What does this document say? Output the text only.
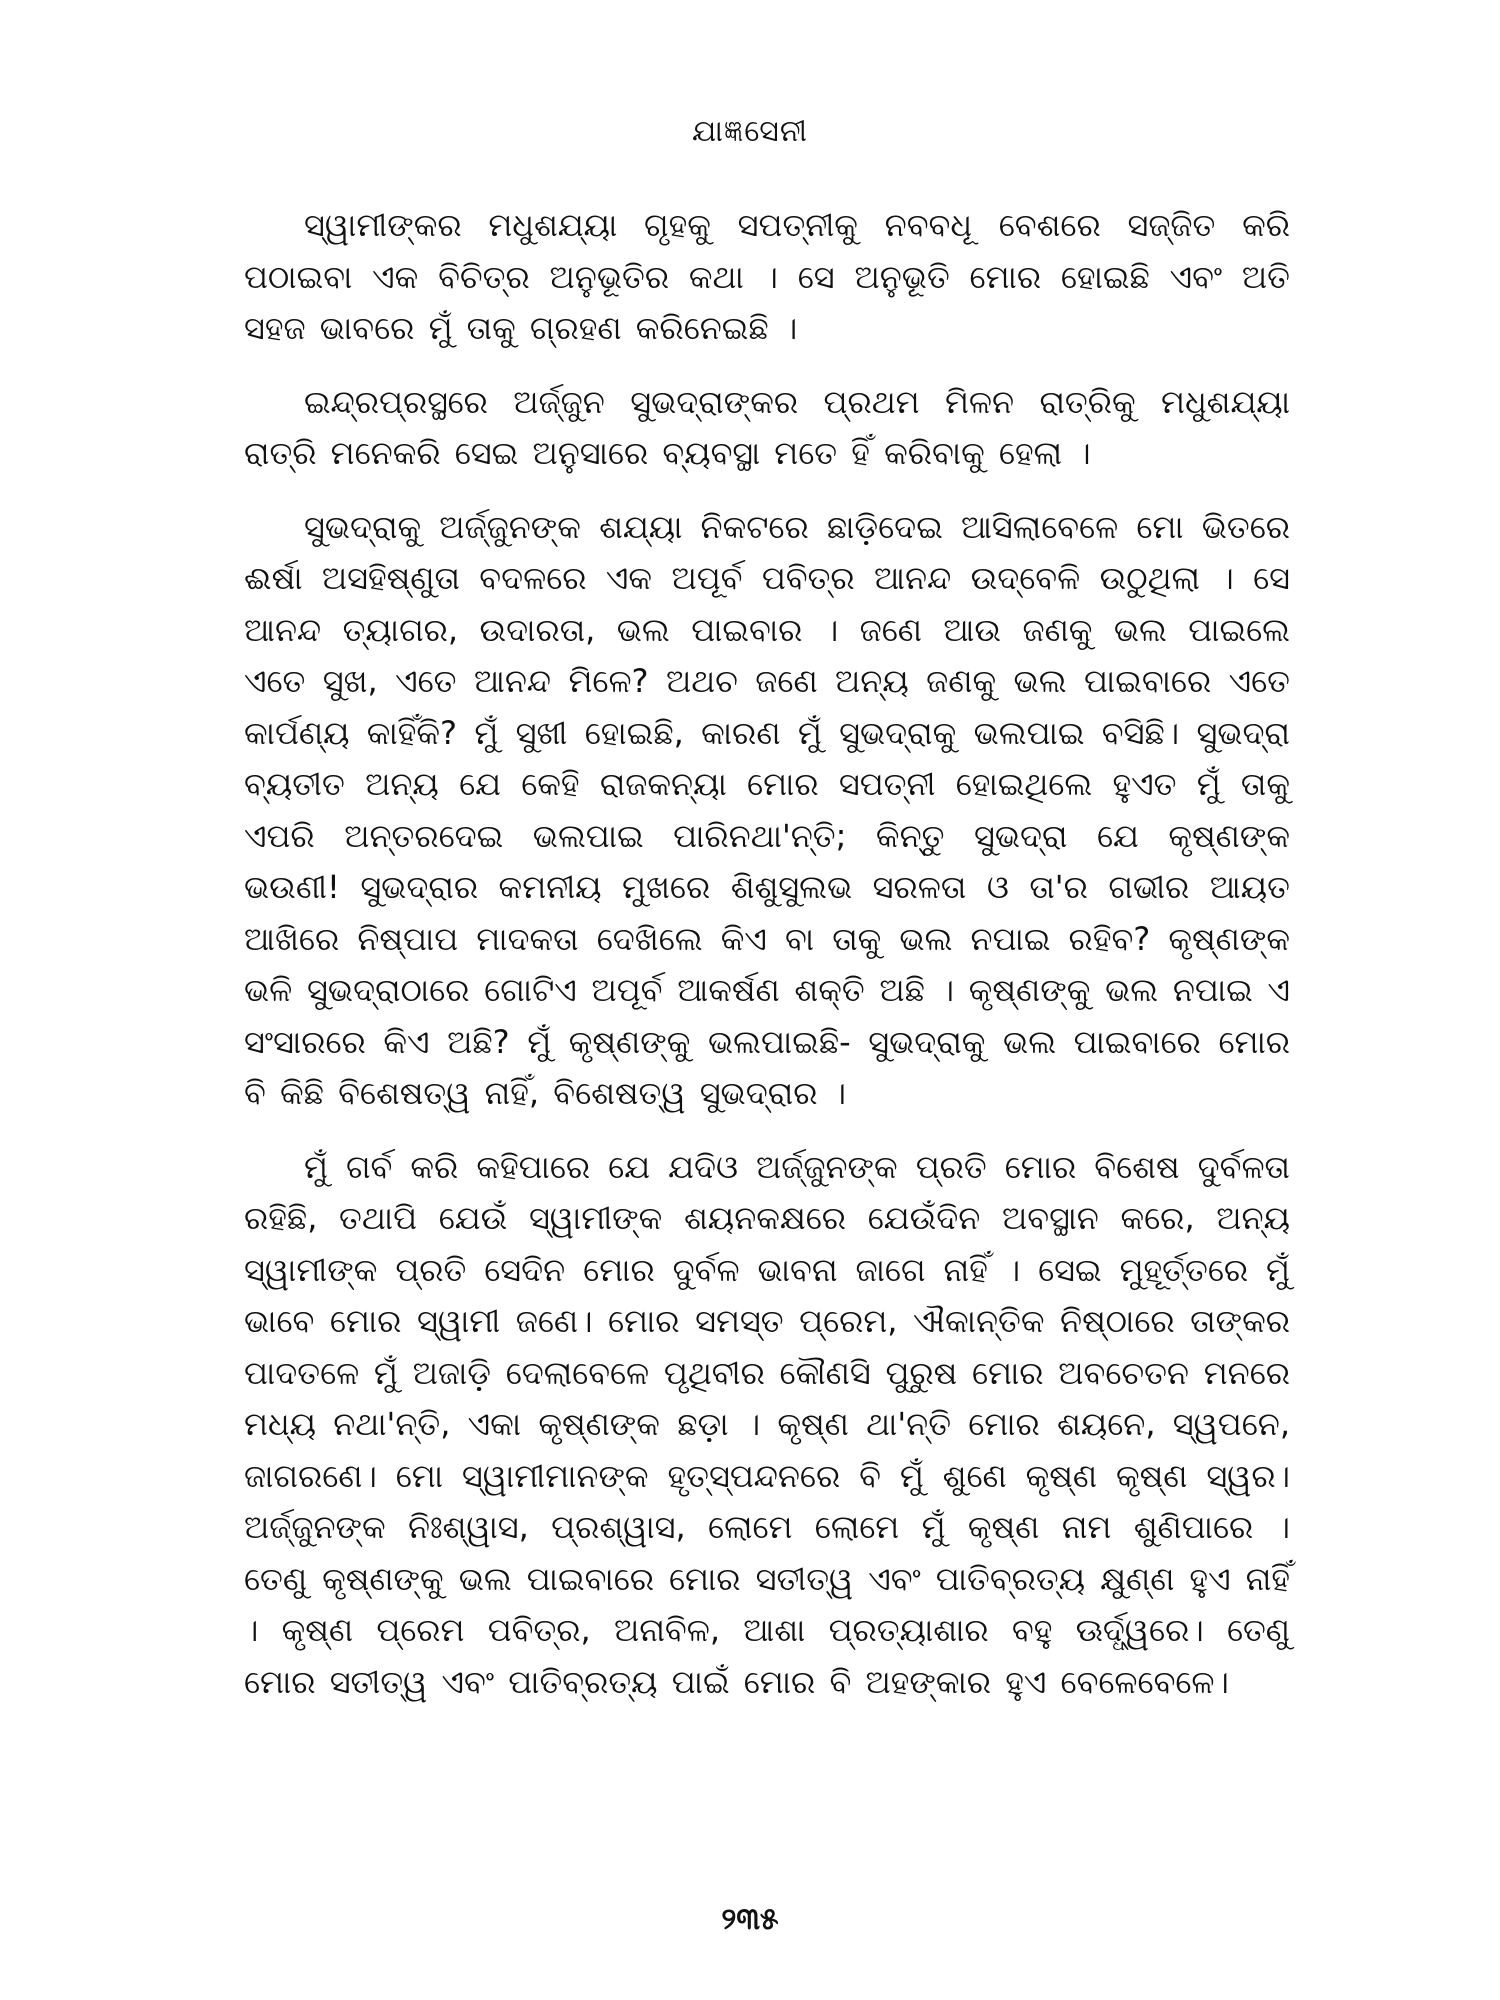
ଯାଜ୍ଞସେନୀ

ସ୍ୱାମୀଙ୍କର ମଧୁଶଯ୍ୟା ଗୃହକୁ ସପତ୍ନୀକୁ ନବବଧୂ ବେଶରେ ସଜ୍ଜିତ କରି ପଠାଇବା ଏକ ବିଚିତ୍ର ଅନୁଭୂତିର କଥା । ସେ ଅନୁଭୂତି ମୋର ହୋଇଛି ଏବଂ ଅତି ସହଜ ଭାବରେ ମୁଁ ତାକୁ ଗ୍ରହଣ କରିନେଇଛି ।

ଇନ୍ଦ୍ରପ୍ରସ୍ଥରେ ଅର୍ଜ୍ଜୁନ ସୁଭଦ୍ରାଙ୍କର ପ୍ରଥମ ମିଳନ ରାତ୍ରିକୁ ମଧୁଶଯ୍ୟା ରାତ୍ରି ମନେକରି ସେଇ ଅନୁସାରେ ବ୍ୟବସ୍ଥା ମତେ ହିଁ କରିବାକୁ ହେଲା ।

ସୁଭଦ୍ରାକୁ ଅର୍ଜ୍ଜୁନଙ୍କ ଶଯ୍ୟା ନିକଟରେ ଛାଡ଼ିଦେଇ ଆସିଲାବେଳେ ମୋ ଭିତରେ ଈର୍ଷା ଅସହିଷ୍ଣୁତା ବଦଳରେ ଏକ ଅପୂର୍ବ ପବିତ୍ର ଆନନ୍ଦ ଉଦ୍‌ବେଳି ଉଠୁଥିଲା । ସେ ଆନନ୍ଦ ତ୍ୟାଗର, ଉଦାରତା, ଭଲ ପାଇବାର । ଜଣେ ଆଉ ଜଣକୁ ଭଲ ପାଇଲେ ଏତେ ସୁଖ, ଏତେ ଆନନ୍ଦ ମିଳେ? ଅଥଚ ଜଣେ ଅନ୍ୟ ଜଣକୁ ଭଲ ପାଇବାରେ ଏତେ କାର୍ପଣ୍ୟ କାହିଁକି? ମୁଁ ସୁଖୀ ହୋଇଛି, କାରଣ ମୁଁ ସୁଭଦ୍ରାକୁ ଭଲପାଇ ବସିଛି। ସୁଭଦ୍ରା ବ୍ୟତୀତ ଅନ୍ୟ ଯେ କେହି ରାଜକନ୍ୟା ମୋର ସପତ୍ନୀ ହୋଇଥିଲେ ହୁଏତ ମୁଁ ତାକୁ ଏପରି ଅନ୍ତରଦେଇ ଭଲପାଇ ପାରିନଥା'ନ୍ତି; କିନ୍ତୁ ସୁଭଦ୍ରା ଯେ କୃଷ୍ଣଙ୍କ ଭଉଣୀ! ସୁଭଦ୍ରାର କମନୀୟ ମୁଖରେ ଶିଶୁସୁଲଭ ସରଳତା ଓ ତା'ର ଗଭୀର ଆୟତ ଆଖିରେ ନିଷ୍ପାପ ମାଦକତା ଦେଖିଲେ କିଏ ବା ତାକୁ ଭଲ ନପାଇ ରହିବ? କୃଷ୍ଣଙ୍କ ଭଳି ସୁଭଦ୍ରାଠାରେ ଗୋଟିଏ ଅପୂର୍ବ ଆକର୍ଷଣ ଶକ୍ତି ଅଛି । କୃଷ୍ଣଙ୍କୁ ଭଲ ନପାଇ ଏ ସଂସାରରେ କିଏ ଅଛି? ମୁଁ କୃଷ୍ଣଙ୍କୁ ଭଲପାଇଛି- ସୁଭଦ୍ରାକୁ ଭଲ ପାଇବାରେ ମୋର ବି କିଛି ବିଶେଷତ୍ୱ ନାହିଁ, ବିଶେଷତ୍ୱ ସୁଭଦ୍ରାର ।

ମୁଁ ଗର୍ବ କରି କହିପାରେ ଯେ ଯଦିଓ ଅର୍ଜ୍ଜୁନଙ୍କ ପ୍ରତି ମୋର ବିଶେଷ ଦୁର୍ବଳତା ରହିଛି, ତଥାପି ଯେଉଁ ସ୍ୱାମୀଙ୍କ ଶୟନକକ୍ଷରେ ଯେଉଁଦିନ ଅବସ୍ଥାନ କରେ, ଅନ୍ୟ ସ୍ୱାମୀଙ୍କ ପ୍ରତି ସେଦିନ ମୋର ଦୁର୍ବଳ ଭାବନା ଜାଗେ ନାହିଁ । ସେଇ ମୁହୂର୍ତ୍ତରେ ମୁଁ ଭାବେ ମୋର ସ୍ୱାମୀ ଜଣେ। ମୋର ସମସ୍ତ ପ୍ରେମ, ଐକାନ୍ତିକ ନିଷ୍ଠାରେ ତାଙ୍କର ପାଦତଳେ ମୁଁ ଅଜାଡ଼ି ଦେଲାବେଳେ ପୃଥିବୀର କୌଣସି ପୁରୁଷ ମୋର ଅବଚେତନ ମନରେ ମଧ୍ୟ ନଥା'ନ୍ତି, ଏକା କୃଷ୍ଣଙ୍କ ଛଡ଼ା । କୃଷ୍ଣ ଥା'ନ୍ତି ମୋର ଶୟନେ, ସ୍ୱପନେ, ଜାଗରଣେ। ମୋ ସ୍ୱାମୀମାନଙ୍କ ହୃତ୍‌ସ୍ପନ୍ଦନରେ ବି ମୁଁ ଶୁଣେ କୃଷ୍ଣ କୃଷ୍ଣ ସ୍ୱର। ଅର୍ଜ୍ଜୁନଙ୍କ ନିଃଶ୍ୱାସ, ପ୍ରଶ୍ୱାସ, ଲୋମେ ଲୋମେ ମୁଁ କୃଷ୍ଣ ନାମ ଶୁଣିପାରେ । ତେଣୁ କୃଷ୍ଣଙ୍କୁ ଭଲ ପାଇବାରେ ମୋର ସତୀତ୍ୱ ଏବଂ ପାତିବ୍ରତ୍ୟ କ୍ଷୁଣ୍ଣ ହୁଏ ନାହିଁ । କୃଷ୍ଣ ପ୍ରେମ ପବିତ୍ର, ଅନାବିଳ, ଆଶା ପ୍ରତ୍ୟାଶାର ବହୁ ଊର୍ଦ୍ଧ୍ୱରେ। ତେଣୁ ମୋର ସତୀତ୍ୱ ଏବଂ ପାତିବ୍ରତ୍ୟ ପାଇଁ ମୋର ବି ଅହଙ୍କାର ହୁଏ ବେଳେବେଳେ।

୨୩୫
